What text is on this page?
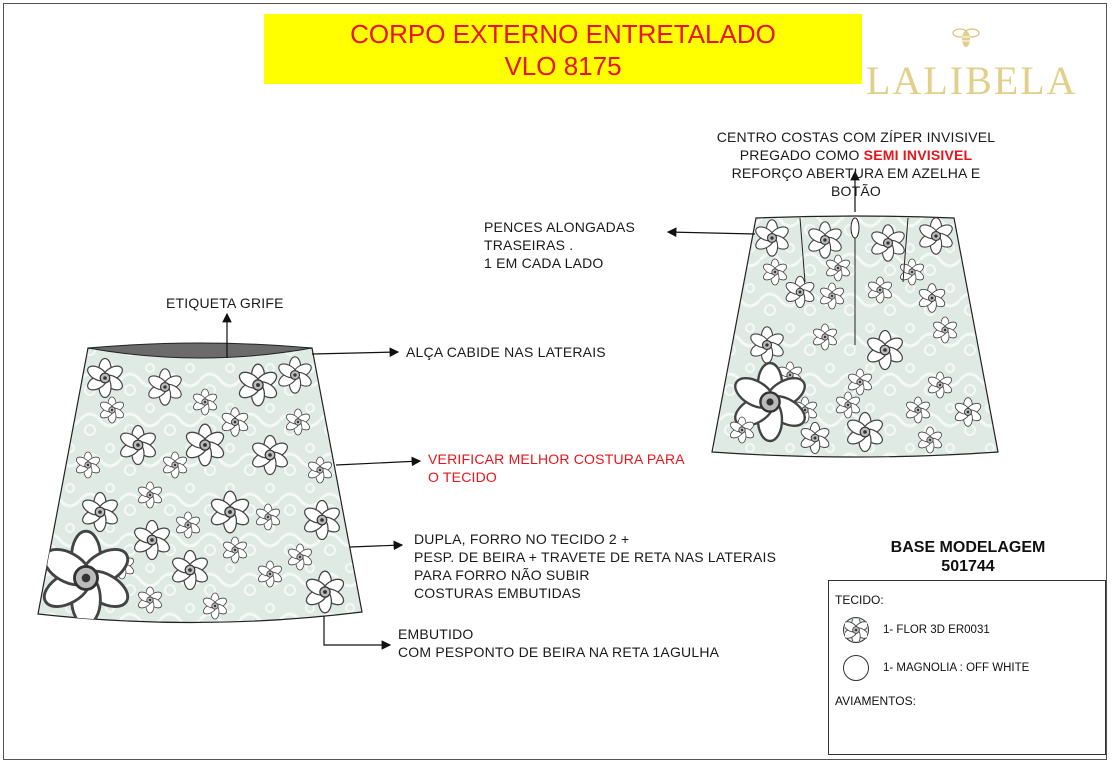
CORPO EXTERNO ENTRETALADO
VLO 8175	LALIBELA
CENTRO COSTAS COM ZÍPER INVISIVEL
PREGADO COMO SEMI INVISIVEL
REFORÇO ABERTURA EM AZELHA E BOTÃO
PENCES ALONGADAS
TRASEIRAS .
1 EM CADA LADO
ETIQUETA GRIFE
ALÇA CABIDE NAS LATERAIS
VERIFICAR MELHOR COSTURA PARA
O TECIDO
DUPLA, FORRO NO TECIDO 2 +
PESP. DE BEIRA + TRAVETE DE RETA NAS LATERAIS
PARA FORRO NÃO SUBIR
COSTURAS EMBUTIDAS
EMBUTIDO
COM PESPONTO DE BEIRA NA RETA 1AGULHA
BASE MODELAGEM
501744
TECIDO:
1- FLOR 3D ER0031
1- MAGNOLIA : OFF WHITE
AVIAMENTOS:
